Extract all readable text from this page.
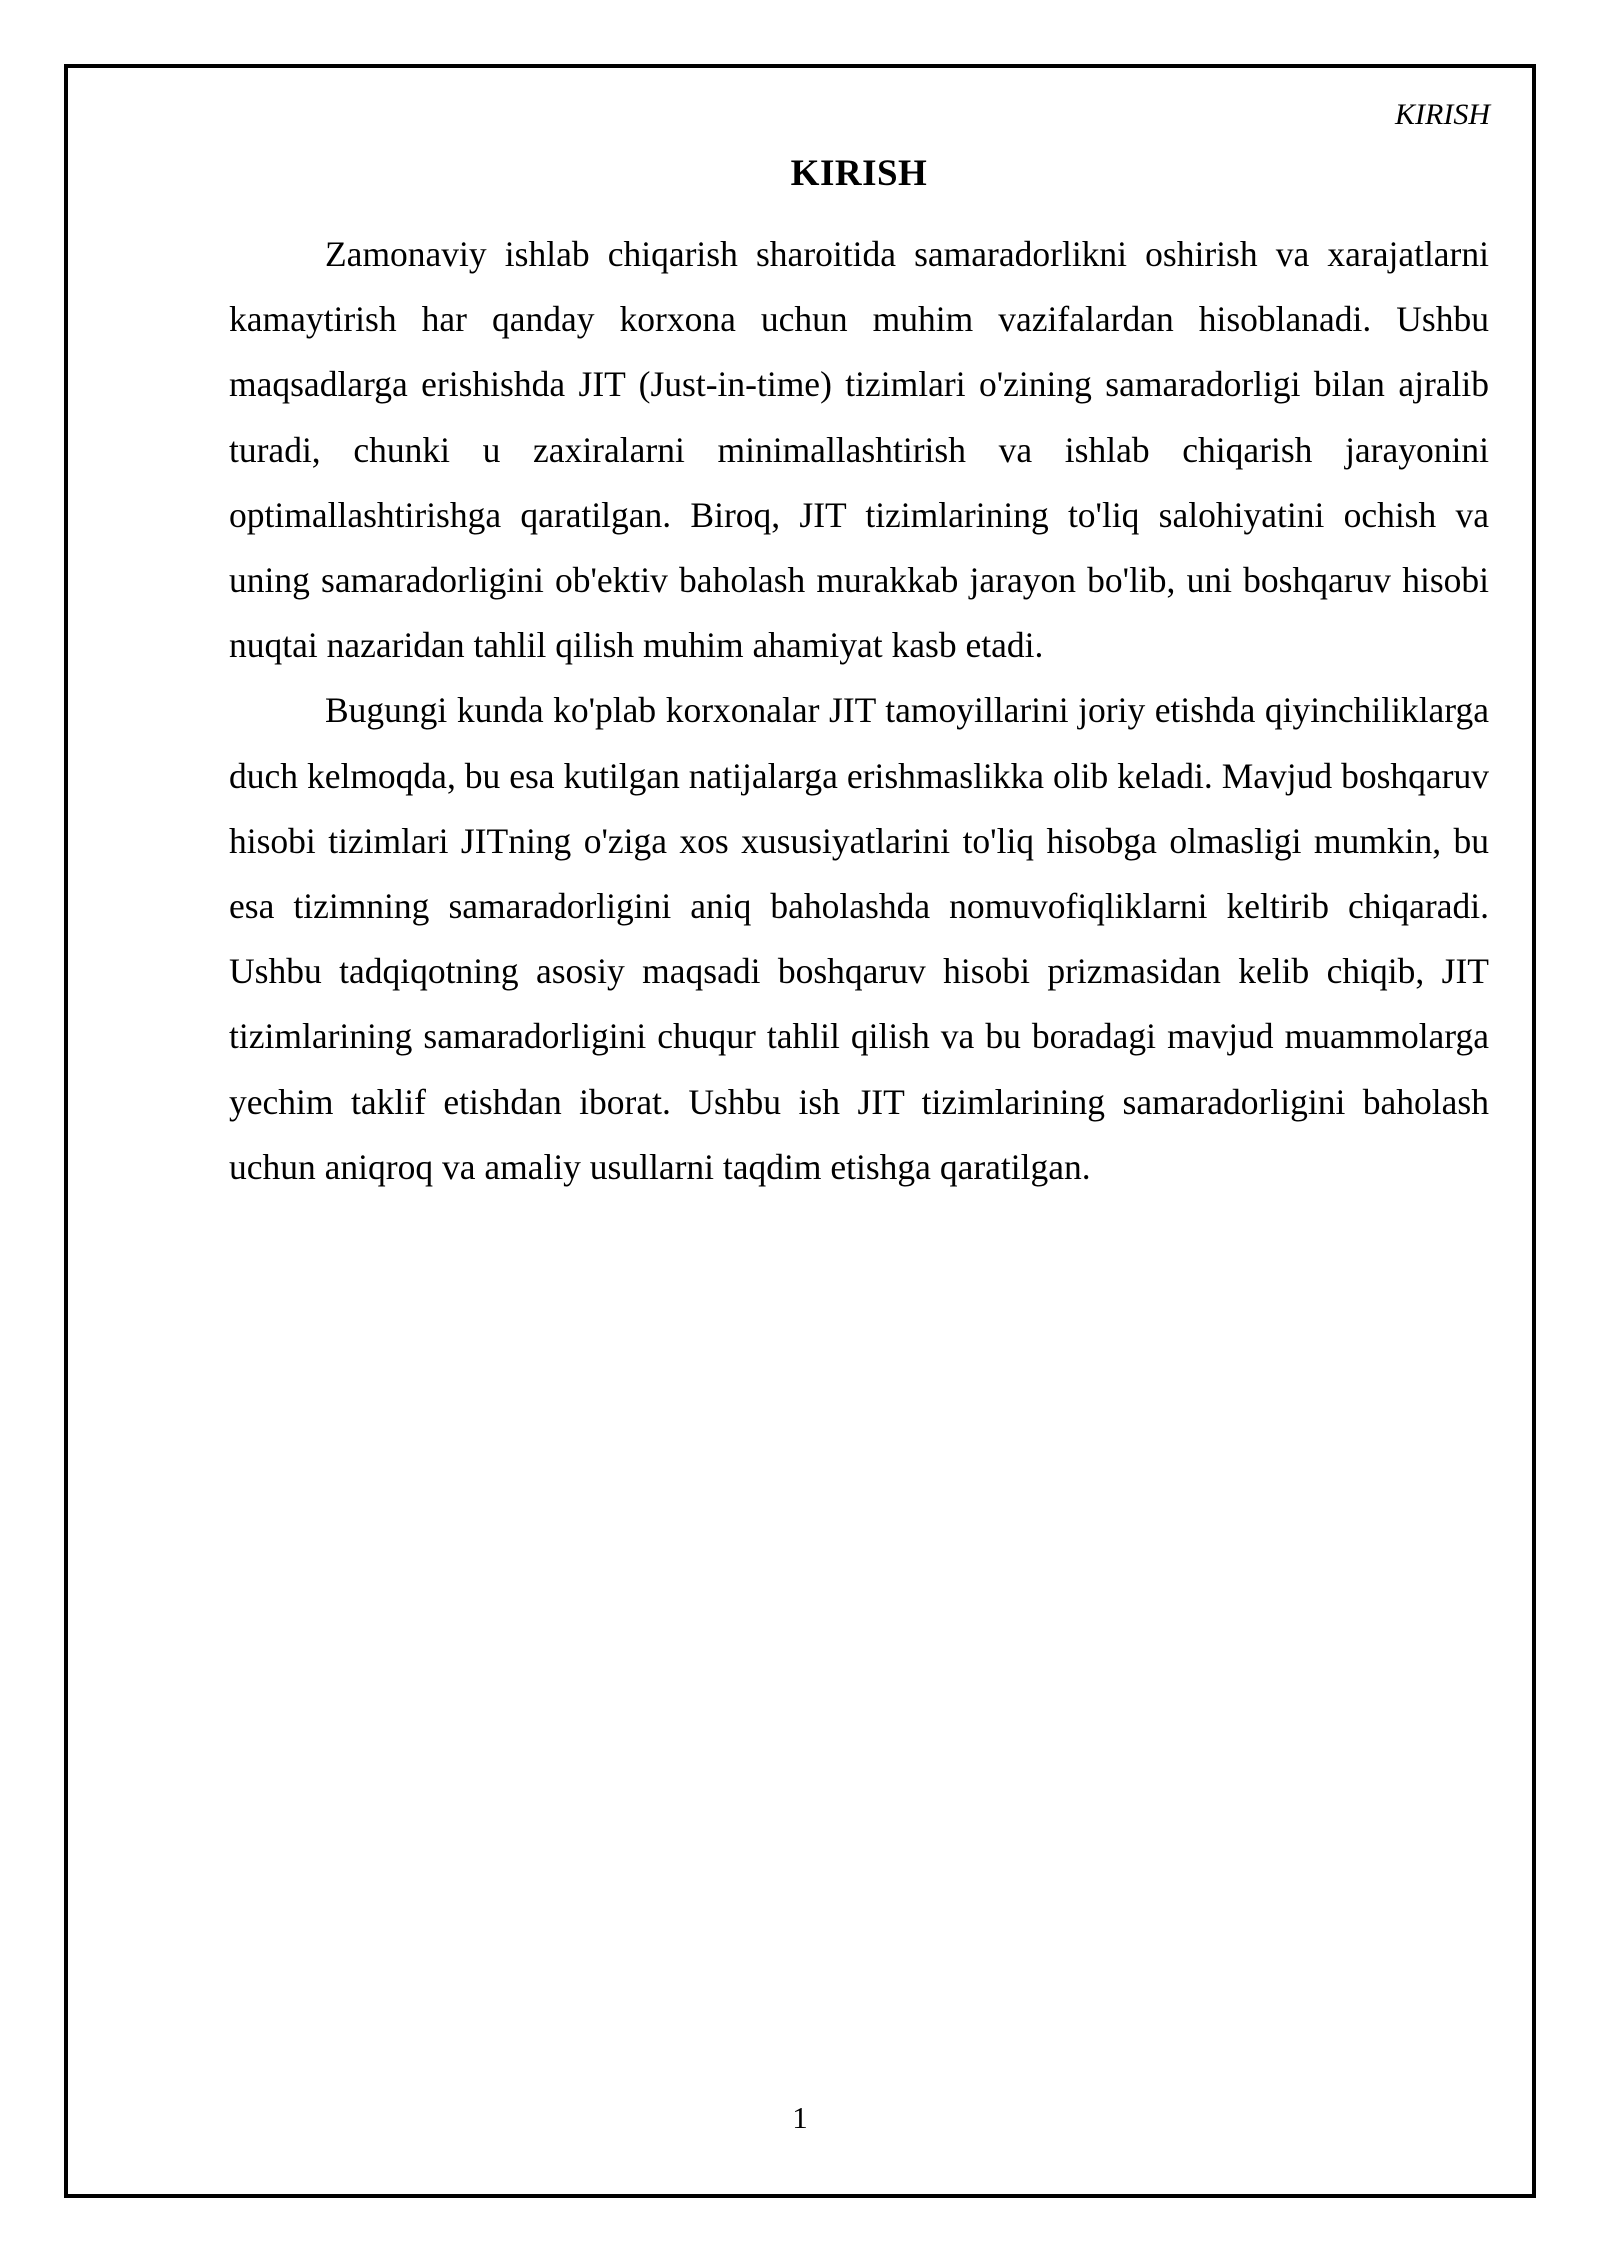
KIRISH
KIRISH

Zamonaviy ishlab chiqarish sharoitida samaradorlikni oshirish va xarajatlarni kamaytirish har qanday korxona uchun muhim vazifalardan hisoblanadi. Ushbu maqsadlarga erishishda JIT (Just-in-time) tizimlari o'zining samaradorligi bilan ajralib turadi, chunki u zaxiralarni minimallashtirish va ishlab chiqarish jarayonini optimallashtirishga qaratilgan. Biroq, JIT tizimlarining to'liq salohiyatini ochish va uning samaradorligini ob'ektiv baholash murakkab jarayon bo'lib, uni boshqaruv hisobi nuqtai nazaridan tahlil qilish muhim ahamiyat kasb etadi.

Bugungi kunda ko'plab korxonalar JIT tamoyillarini joriy etishda qiyinchiliklarga duch kelmoqda, bu esa kutilgan natijalarga erishmaslikka olib keladi. Mavjud boshqaruv hisobi tizimlari JITning o'ziga xos xususiyatlarini to'liq hisobga olmasligi mumkin, bu esa tizimning samaradorligini aniq baholashda nomuvofiqliklarni keltirib chiqaradi. Ushbu tadqiqotning asosiy maqsadi boshqaruv hisobi prizmasidan kelib chiqib, JIT tizimlarining samaradorligini chuqur tahlil qilish va bu boradagi mavjud muammolarga yechim taklif etishdan iborat. Ushbu ish JIT tizimlarining samaradorligini baholash uchun aniqroq va amaliy usullarni taqdim etishga qaratilgan.

1
